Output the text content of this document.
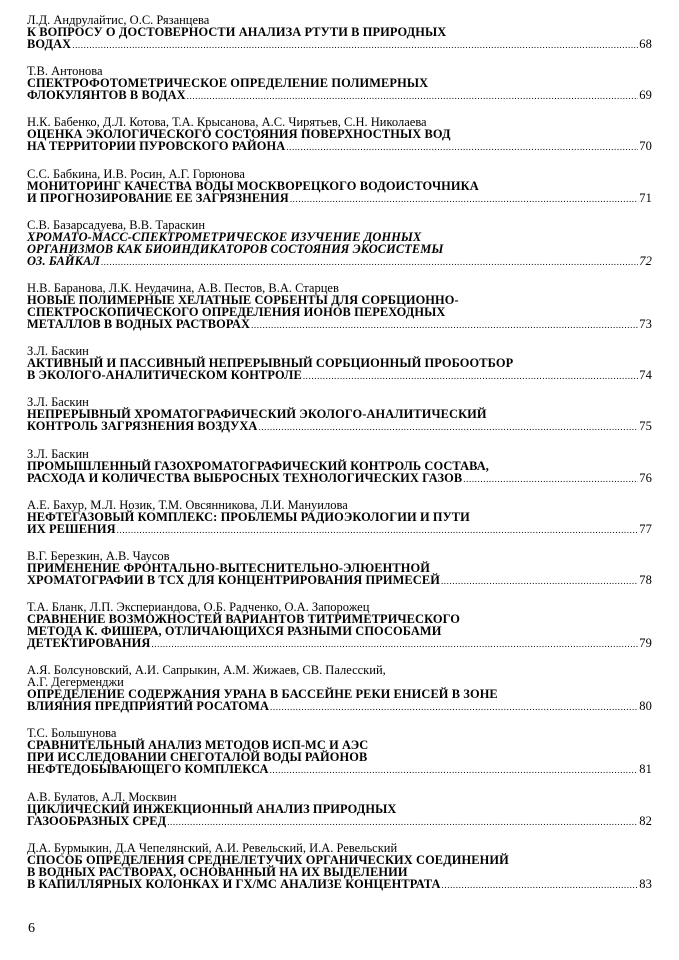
Л.Д. Андрулайтис, О.С. Рязанцева
К ВОПРОСУ О ДОСТОВЕРНОСТИ АНАЛИЗА РТУТИ В ПРИРОДНЫХ
ВОДАХ .....	68
Т.В. Антонова
СПЕКТРОФОТОМЕТРИЧЕСКОЕ ОПРЕДЕЛЕНИЕ ПОЛИМЕРНЫХ
ФЛОКУЛЯНТОВ В ВОДАХ .....	69
Н.К. Бабенко, Д.Л. Котова, Т.А. Крысанова, А.С. Чирятьев, С.Н. Николаева
ОЦЕНКА ЭКОЛОГИЧЕСКОГО СОСТОЯНИЯ ПОВЕРХНОСТНЫХ ВОД
НА ТЕРРИТОРИИ ПУРОВСКОГО РАЙОНА .....	70
С.С. Бабкина, И.В. Росин, А.Г. Горюнова
МОНИТОРИНГ КАЧЕСТВА ВОДЫ МОСКВОРЕЦКОГО ВОДОИСТОЧНИКА
И ПРОГНОЗИРОВАНИЕ ЕЕ ЗАГРЯЗНЕНИЯ .....	71
С.В. Базарсадуева, В.В. Тараскин
ХРОМАТО-МАСС-СПЕКТРОМЕТРИЧЕСКОЕ ИЗУЧЕНИЕ ДОННЫХ
ОРГАНИЗМОВ КАК БИОИНДИКАТОРОВ СОСТОЯНИЯ ЭКОСИСТЕМЫ
ОЗ. БАЙКАЛ .....	72
Н.В. Баранова, Л.К. Неудачина, А.В. Пестов, В.А. Старцев
НОВЫЕ ПОЛИМЕРНЫЕ ХЕЛАТНЫЕ СОРБЕНТЫ ДЛЯ СОРБЦИОННО-
СПЕКТРОСКОПИЧЕСКОГО ОПРЕДЕЛЕНИЯ ИОНОВ ПЕРЕХОДНЫХ
МЕТАЛЛОВ В ВОДНЫХ РАСТВОРАХ .....	73
З.Л. Баскин
АКТИВНЫЙ И ПАССИВНЫЙ НЕПРЕРЫВНЫЙ СОРБЦИОННЫЙ ПРОБООТБОР
В ЭКОЛОГО-АНАЛИТИЧЕСКОМ КОНТРОЛЕ .....	74
З.Л. Баскин
НЕПРЕРЫВНЫЙ ХРОМАТОГРАФИЧЕСКИЙ ЭКОЛОГО-АНАЛИТИЧЕСКИЙ
КОНТРОЛЬ ЗАГРЯЗНЕНИЯ ВОЗДУХА .....	75
З.Л. Баскин
ПРОМЫШЛЕННЫЙ ГАЗОХРОМАТОГРАФИЧЕСКИЙ КОНТРОЛЬ СОСТАВА,
РАСХОДА И КОЛИЧЕСТВА ВЫБРОСНЫХ ТЕХНОЛОГИЧЕСКИХ ГАЗОВ .....	76
А.Е. Бахур, М.Л. Нозик, Т.М. Овсянникова, Л.И. Мануилова
НЕФТЕГАЗОВЫЙ КОМПЛЕКС: ПРОБЛЕМЫ РАДИОЭКОЛОГИИ И ПУТИ
ИХ РЕШЕНИЯ .....	77
В.Г. Березкин, А.В. Чаусов
ПРИМЕНЕНИЕ ФРОНТАЛЬНО-ВЫТЕСНИТЕЛЬНО-ЭЛЮЕНТНОЙ
ХРОМАТОГРАФИИ В ТСХ ДЛЯ КОНЦЕНТРИРОВАНИЯ ПРИМЕСЕЙ .....	78
Т.А. Бланк, Л.П. Экспериандова, О.Б. Радченко, О.А. Запорожец
СРАВНЕНИЕ ВОЗМОЖНОСТЕЙ ВАРИАНТОВ ТИТРИМЕТРИЧЕСКОГО
МЕТОДА К. ФИШЕРА, ОТЛИЧАЮЩИХСЯ РАЗНЫМИ СПОСОБАМИ
ДЕТЕКТИРОВАНИЯ .....	79
А.Я. Болсуновский, А.И. Сапрыкин, А.М. Жижаев, СВ. Палесский,
А.Г. Дегерменджи
ОПРЕДЕЛЕНИЕ СОДЕРЖАНИЯ УРАНА В БАССЕЙНЕ РЕКИ ЕНИСЕЙ В ЗОНЕ
ВЛИЯНИЯ ПРЕДПРИЯТИЙ РОСАТОМА .....	80
Т.С. Большунова
СРАВНИТЕЛЬНЫЙ АНАЛИЗ МЕТОДОВ ИСП-МС И АЭС
ПРИ ИССЛЕДОВАНИИ СНЕГОТАЛОЙ ВОДЫ РАЙОНОВ
НЕФТЕДОБЫВАЮЩЕГО КОМПЛЕКСА .....	81
А.В. Булатов, А.Л. Москвин
ЦИКЛИЧЕСКИЙ ИНЖЕКЦИОННЫЙ АНАЛИЗ ПРИРОДНЫХ
ГАЗООБРАЗНЫХ СРЕД .....	82
Д.А. Бурмыкин, Д.А Чепелянский, А.И. Ревельский, И.А. Ревельский
СПОСОБ ОПРЕДЕЛЕНИЯ СРЕДНЕЛЕТУЧИХ ОРГАНИЧЕСКИХ СОЕДИНЕНИЙ
В ВОДНЫХ РАСТВОРАХ, ОСНОВАННЫЙ НА ИХ ВЫДЕЛЕНИИ
В КАПИЛЛЯРНЫХ КОЛОНКАХ И ГХ/МС АНАЛИЗЕ КОНЦЕНТРАТА .....	83
6
